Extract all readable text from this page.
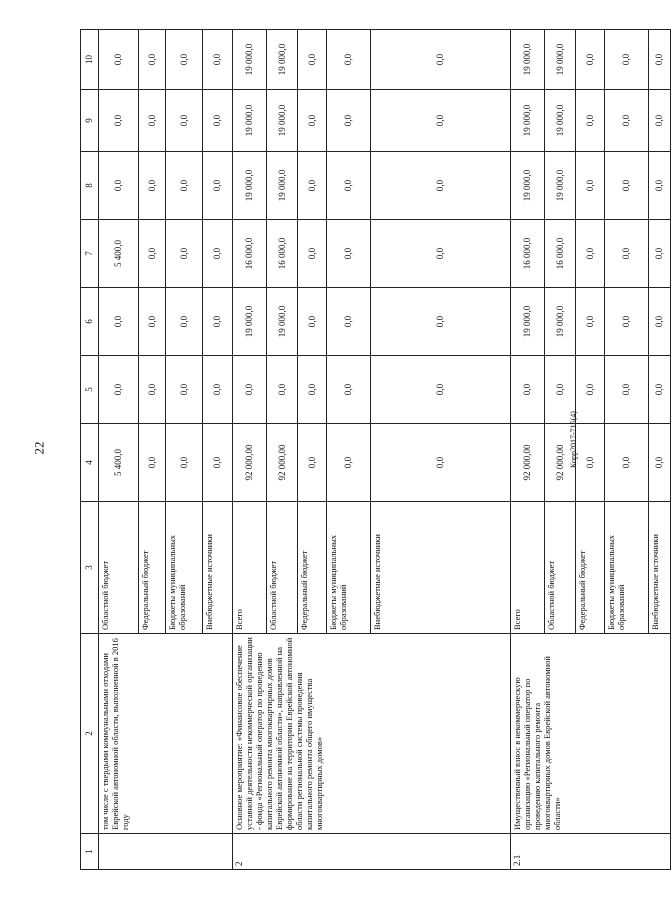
22	Корр2017-715(4)
1	2	3	4	5	6	7	8	9	10
	том числе с твердыми коммунальными отходами Еврейской автономной области, выполненной в 2016 году	Областной бюджет	5 400,0	0,0	0,0	5 400,0	0,0	0,0	0,0
		Федеральный бюджет	0,0	0,0	0,0	0,0	0,0	0,0	0,0
		Бюджеты муниципальных образований	0,0	0,0	0,0	0,0	0,0	0,0	0,0
		Внебюджетные источники	0,0	0,0	0,0	0,0	0,0	0,0	0,0
2	Основное мероприятие: «Финансовое обеспечение уставной деятельности некоммерческой организации - фонда «Региональный оператор по проведению капитального ремонта многоквартирных домов Еврейской автономной области», направленной на формирование на территории Еврейской автономной области региональной системы проведения капитального ремонта общего имущества многоквартирных домов»	Всего	92 000,00	0,0	19 000,0	16 000,0	19 000,0	19 000,0	19 000,0
		Областной бюджет	92 000,00	0,0	19 000,0	16 000,0	19 000,0	19 000,0	19 000,0
		Федеральный бюджет	0,0	0,0	0,0	0,0	0,0	0,0	0,0
		Бюджеты муниципальных образований	0,0	0,0	0,0	0,0	0,0	0,0	0,0
		Внебюджетные источники	0,0	0,0	0,0	0,0	0,0	0,0	0,0
2.1	Имущественный взнос в некоммерческую организацию «Региональный оператор по проведению капитального ремонта многоквартирных домов Еврейской автономной области»	Всего	92 000,00	0,0	19 000,0	16 000,0	19 000,0	19 000,0	19 000,0
		Областной бюджет	92 000,00	0,0	19 000,0	16 000,0	19 000,0	19 000,0	19 000,0
		Федеральный бюджет	0,0	0,0	0,0	0,0	0,0	0,0	0,0
		Бюджеты муниципальных образований	0,0	0,0	0,0	0,0	0,0	0,0	0,0
		Внебюджетные источники	0,0	0,0	0,0	0,0	0,0	0,0	0,0
